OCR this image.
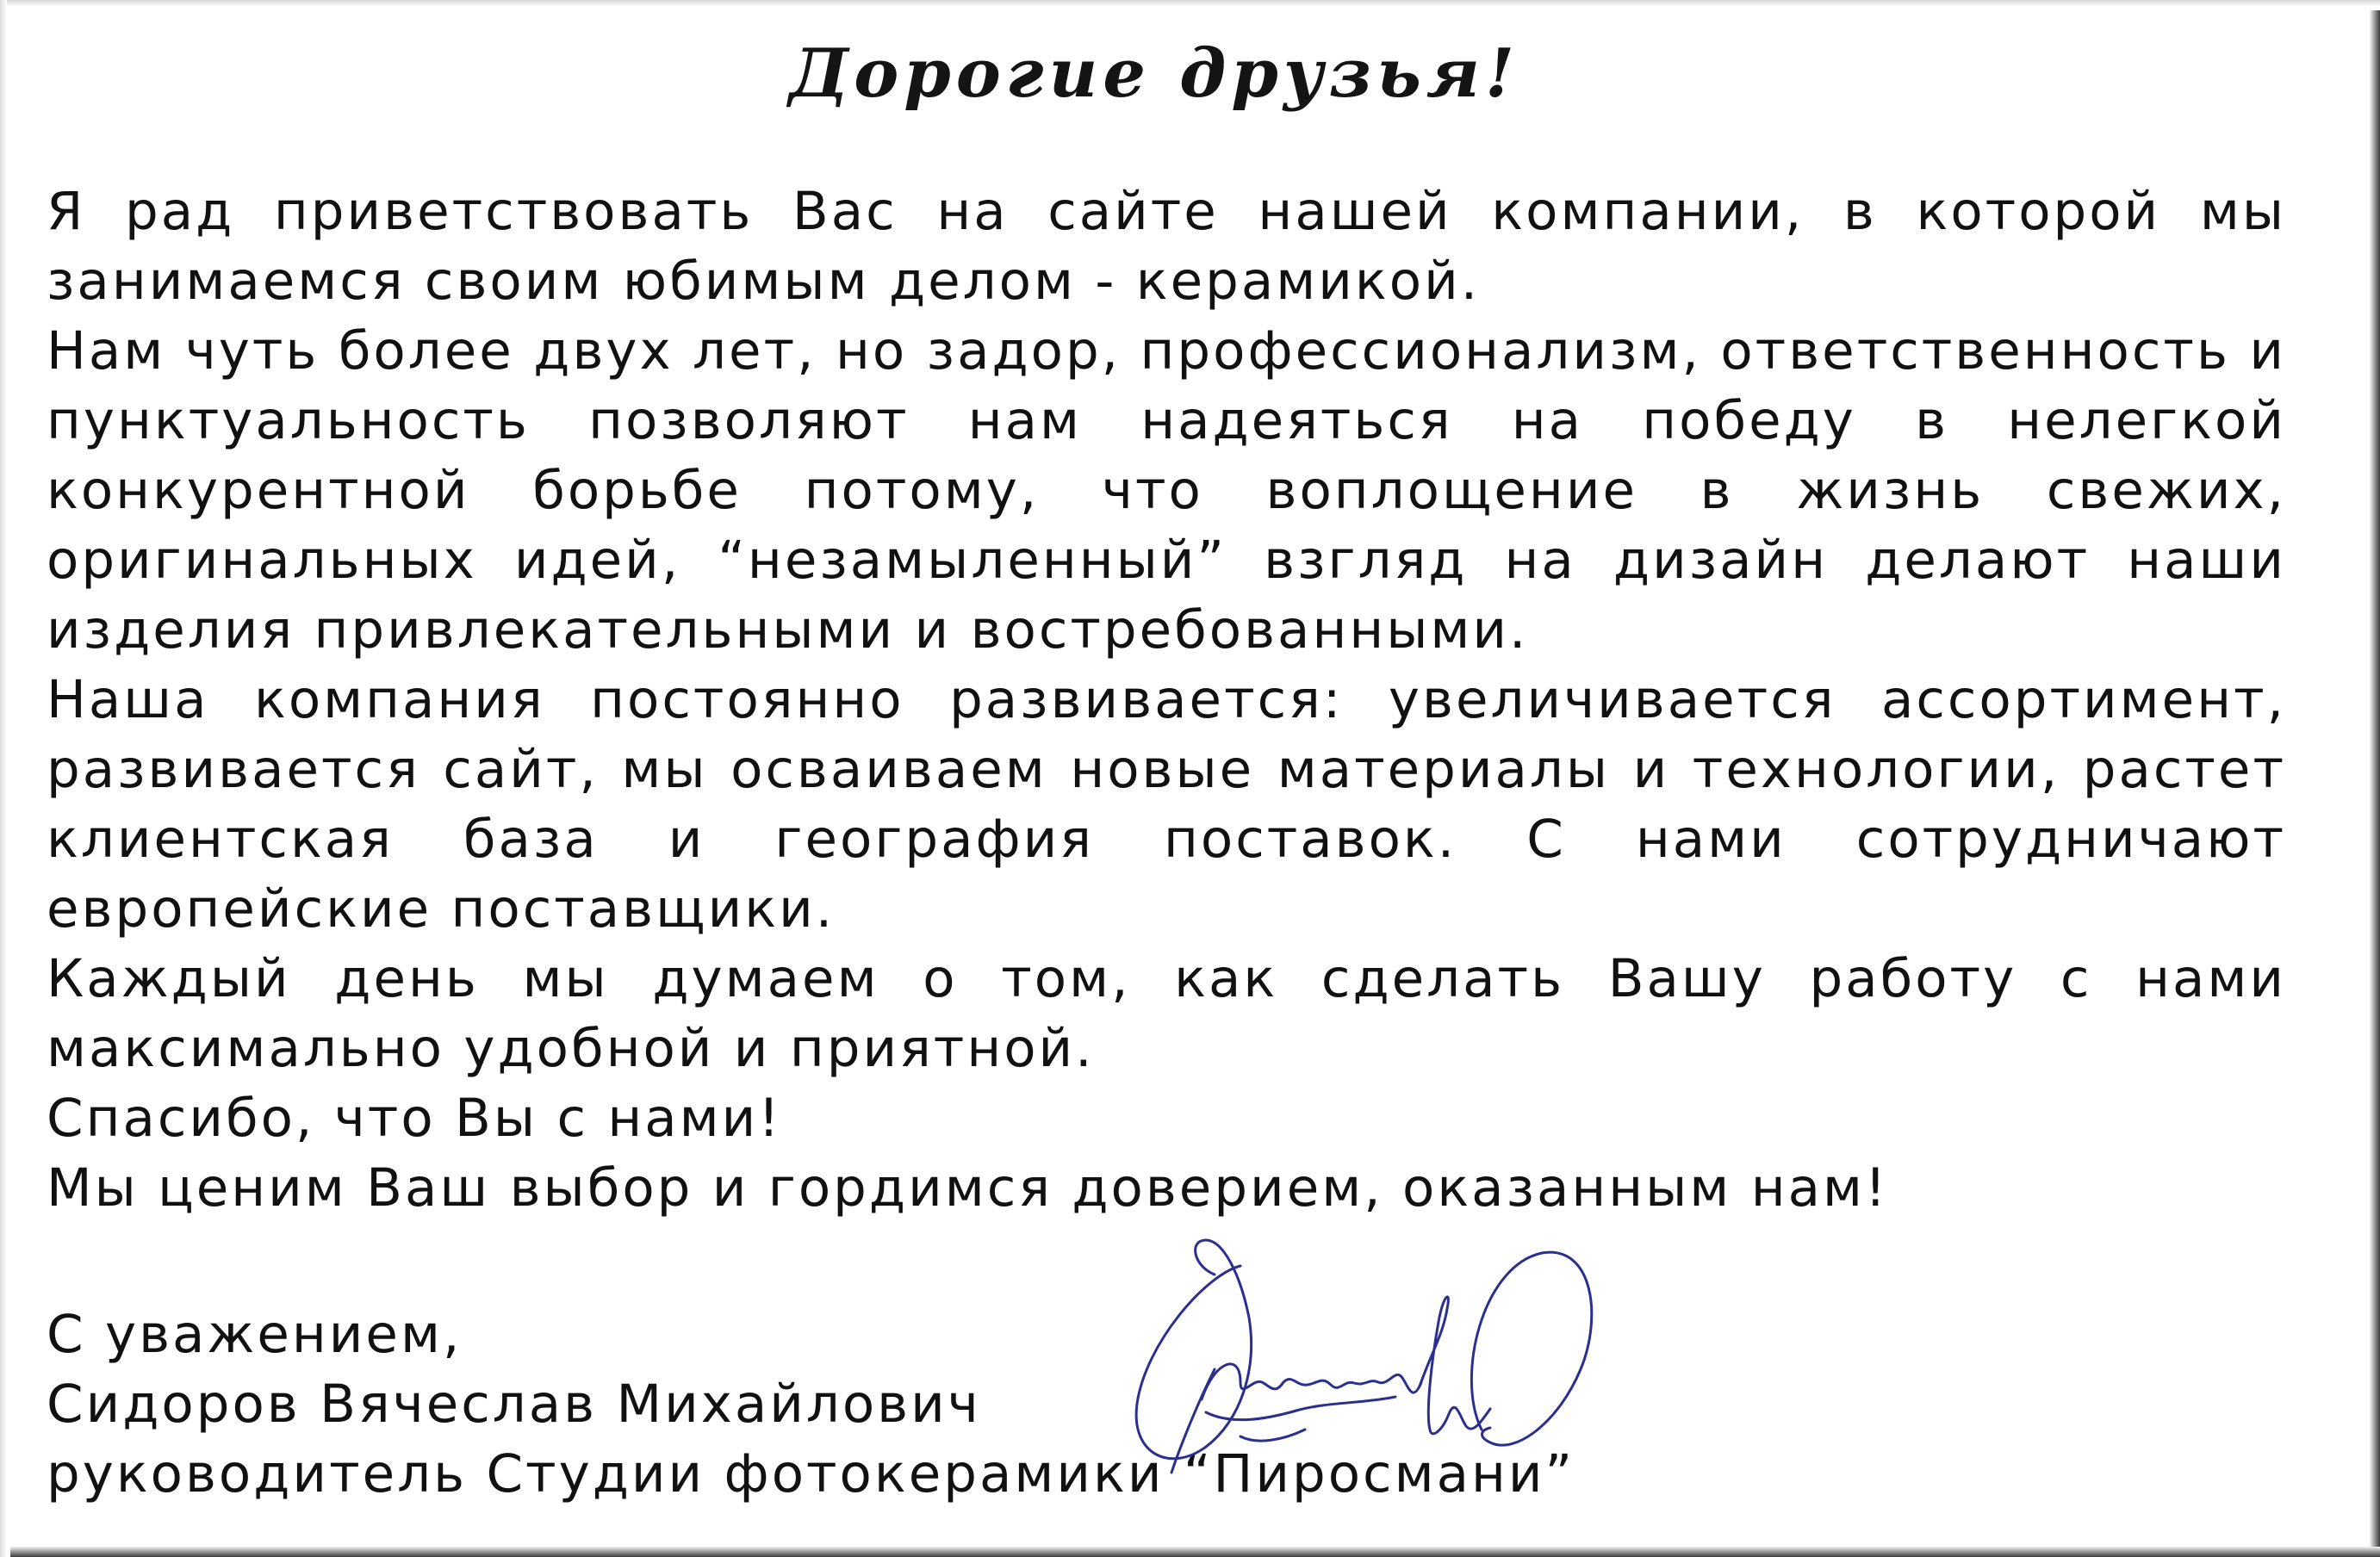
Дорогие друзья!

Я рад приветствовать Вас на сайте нашей компании, в которой мы занимаемся своим юбимым делом - керамикой.

Нам чуть более двух лет, но задор, профессионализм, ответственность и пунктуальность позволяют нам надеяться на победу в нелегкой конкурентной борьбе потому, что воплощение в жизнь свежих, оригинальных идей, “незамыленный” взгляд на дизайн делают наши изделия привлекательными и востребованными.

Наша компания постоянно развивается: увеличивается ассортимент, развивается сайт, мы осваиваем новые материалы и технологии, растет клиентская база и география поставок. С нами сотрудничают европейские поставщики.

Каждый день мы думаем о том, как сделать Вашу работу с нами максимально удобной и приятной.

Спасибо, что Вы с нами!

Мы ценим Ваш выбор и гордимся доверием, оказанным нам!

С уважением,

Сидоров Вячеслав Михайлович

руководитель Студии фотокерамики “Пиросмани”
